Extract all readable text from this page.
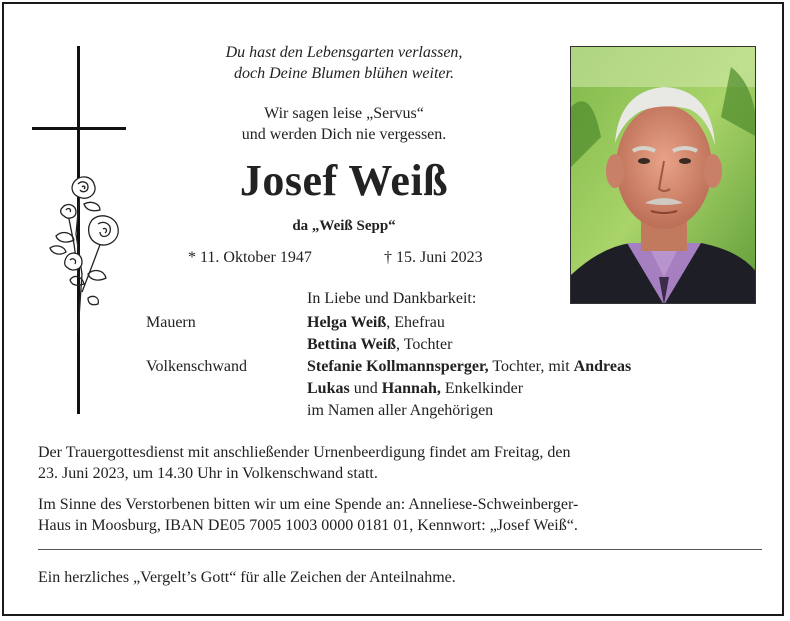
Du hast den Lebensgarten verlassen,
doch Deine Blumen blühen weiter.
Wir sagen leise „Servus“
und werden Dich nie vergessen.
Josef Weiß
da „Weiß Sepp“
* 11. Oktober 1947	† 15. Juni 2023
In Liebe und Dankbarkeit:
Mauern	Helga Weiß, Ehefrau
Bettina Weiß, Tochter
Volkenschwand	Stefanie Kollmannsperger, Tochter, mit Andreas
Lukas und Hannah, Enkelkinder
im Namen aller Angehörigen
Der Trauergottesdienst mit anschließender Urnenbeerdigung findet am Freitag, den
23. Juni 2023, um 14.30 Uhr in Volkenschwand statt.
Im Sinne des Verstorbenen bitten wir um eine Spende an: Anneliese-Schweinberger-
Haus in Moosburg, IBAN DE05 7005 1003 0000 0181 01, Kennwort: „Josef Weiß“.
Ein herzliches „Vergelt’s Gott“ für alle Zeichen der Anteilnahme.
